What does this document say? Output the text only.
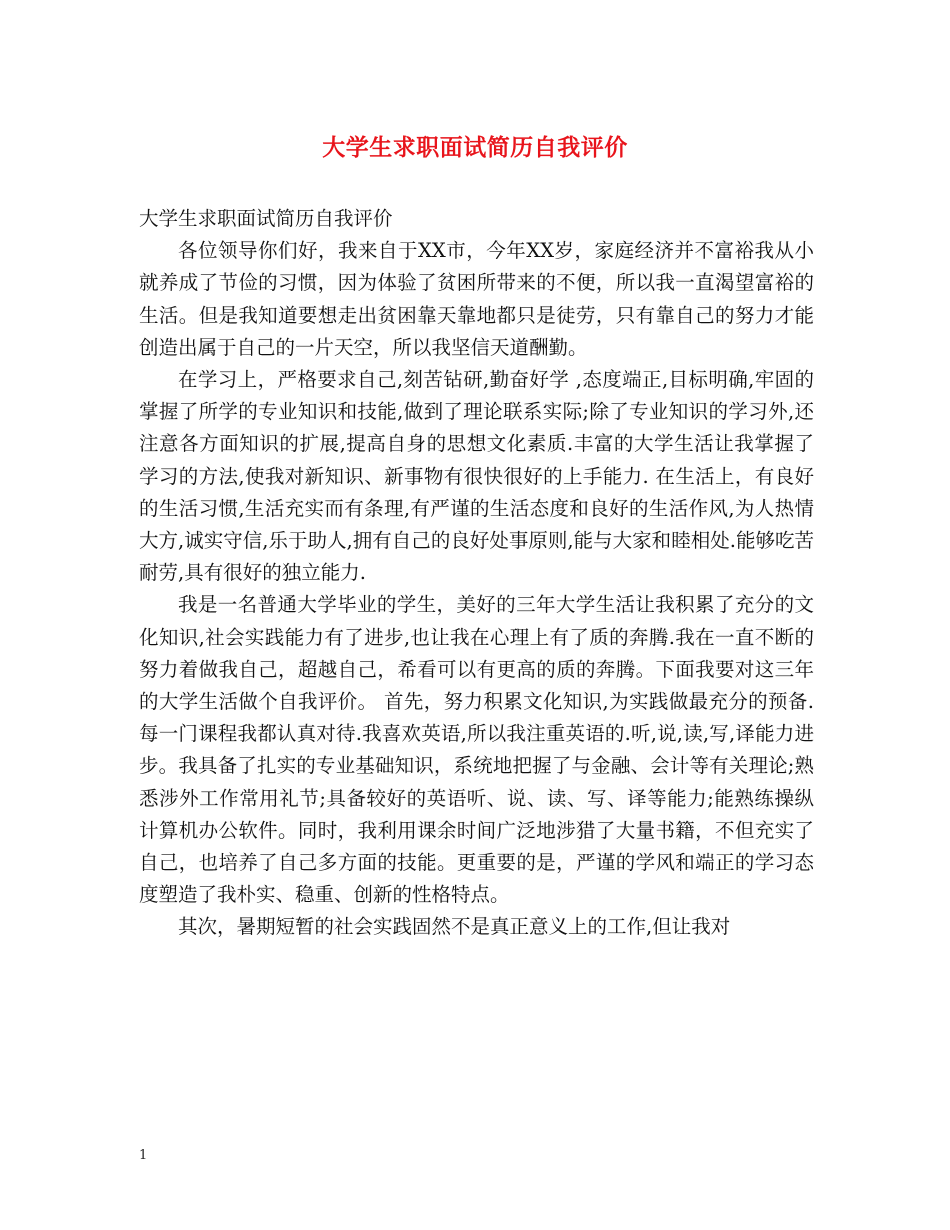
大学生求职面试简历自我评价

大学生求职面试简历自我评价

各位领导你们好，我来自于XX市，今年XX岁，家庭经济并不富裕我从小就养成了节俭的习惯，因为体验了贫困所带来的不便，所以我一直渴望富裕的生活。但是我知道要想走出贫困靠天靠地都只是徒劳，只有靠自己的努力才能创造出属于自己的一片天空，所以我坚信天道酬勤。

在学习上，严格要求自己,刻苦钻研,勤奋好学 ,态度端正,目标明确,牢固的掌握了所学的专业知识和技能,做到了理论联系实际;除了专业知识的学习外,还注意各方面知识的扩展,提高自身的思想文化素质.丰富的大学生活让我掌握了学习的方法,使我对新知识、新事物有很快很好的上手能力. 在生活上，有良好的生活习惯,生活充实而有条理,有严谨的生活态度和良好的生活作风,为人热情大方,诚实守信,乐于助人,拥有自己的良好处事原则,能与大家和睦相处.能够吃苦耐劳,具有很好的独立能力.

我是一名普通大学毕业的学生，美好的三年大学生活让我积累了充分的文化知识,社会实践能力有了进步,也让我在心理上有了质的奔腾.我在一直不断的努力着做我自己，超越自己，希看可以有更高的质的奔腾。下面我要对这三年的大学生活做个自我评价。 首先，努力积累文化知识,为实践做最充分的预备.每一门课程我都认真对待.我喜欢英语,所以我注重英语的.听,说,读,写,译能力进步。我具备了扎实的专业基础知识，系统地把握了与金融、会计等有关理论;熟悉涉外工作常用礼节;具备较好的英语听、说、读、写、译等能力;能熟练操纵计算机办公软件。同时，我利用课余时间广泛地涉猎了大量书籍，不但充实了自己，也培养了自己多方面的技能。更重要的是，严谨的学风和端正的学习态度塑造了我朴实、稳重、创新的性格特点。

其次，暑期短暂的社会实践固然不是真正意义上的工作,但让我对

1
